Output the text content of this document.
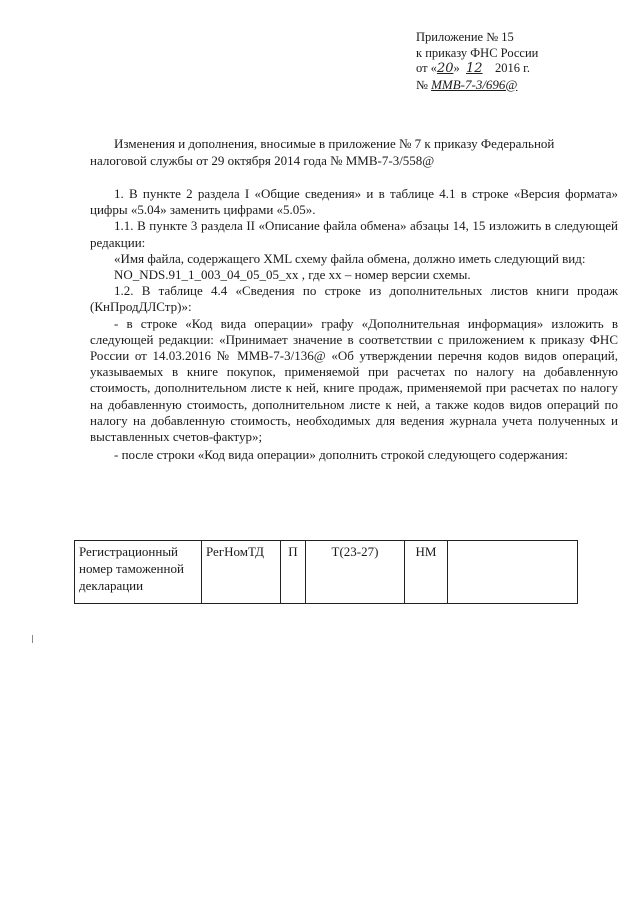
Приложение № 15
к приказу ФНС России
от «20» 12 2016 г.
№ ММВ-7-3/696@
Изменения и дополнения, вносимые в приложение № 7 к приказу Федеральной
налоговой службы от 29 октября 2014 года № ММВ-7-3/558@

1. В пункте 2 раздела I «Общие сведения» и в таблице 4.1 в строке «Версия формата» цифры «5.04» заменить цифрами «5.05».

1.1. В пункте 3 раздела II «Описание файла обмена» абзацы 14, 15 изложить в следующей редакции:

«Имя файла, содержащего XML схему файла обмена, должно иметь следующий вид:

NO_NDS.91_1_003_04_05_05_xx , где xx – номер версии схемы.

1.2. В таблице 4.4 «Сведения по строке из дополнительных листов книги продаж (КнПродДЛСтр)»:

- в строке «Код вида операции» графу «Дополнительная информация» изложить в следующей редакции: «Принимает значение в соответствии с приложением к приказу ФНС России от 14.03.2016 № ММВ-7-3/136@ «Об утверждении перечня кодов видов операций, указываемых в книге покупок, применяемой при расчетах по налогу на добавленную стоимость, дополнительном листе к ней, книге продаж, применяемой при расчетах по налогу на добавленную стоимость, дополнительном листе к ней, а также кодов видов операций по налогу на добавленную стоимость, необходимых для ведения журнала учета полученных и выставленных счетов-фактур»;

- после строки «Код вида операции» дополнить строкой следующего содержания:

Регистрационный номер таможенной декларации	РегНомТД	П	Т(23-27)	НМ	
